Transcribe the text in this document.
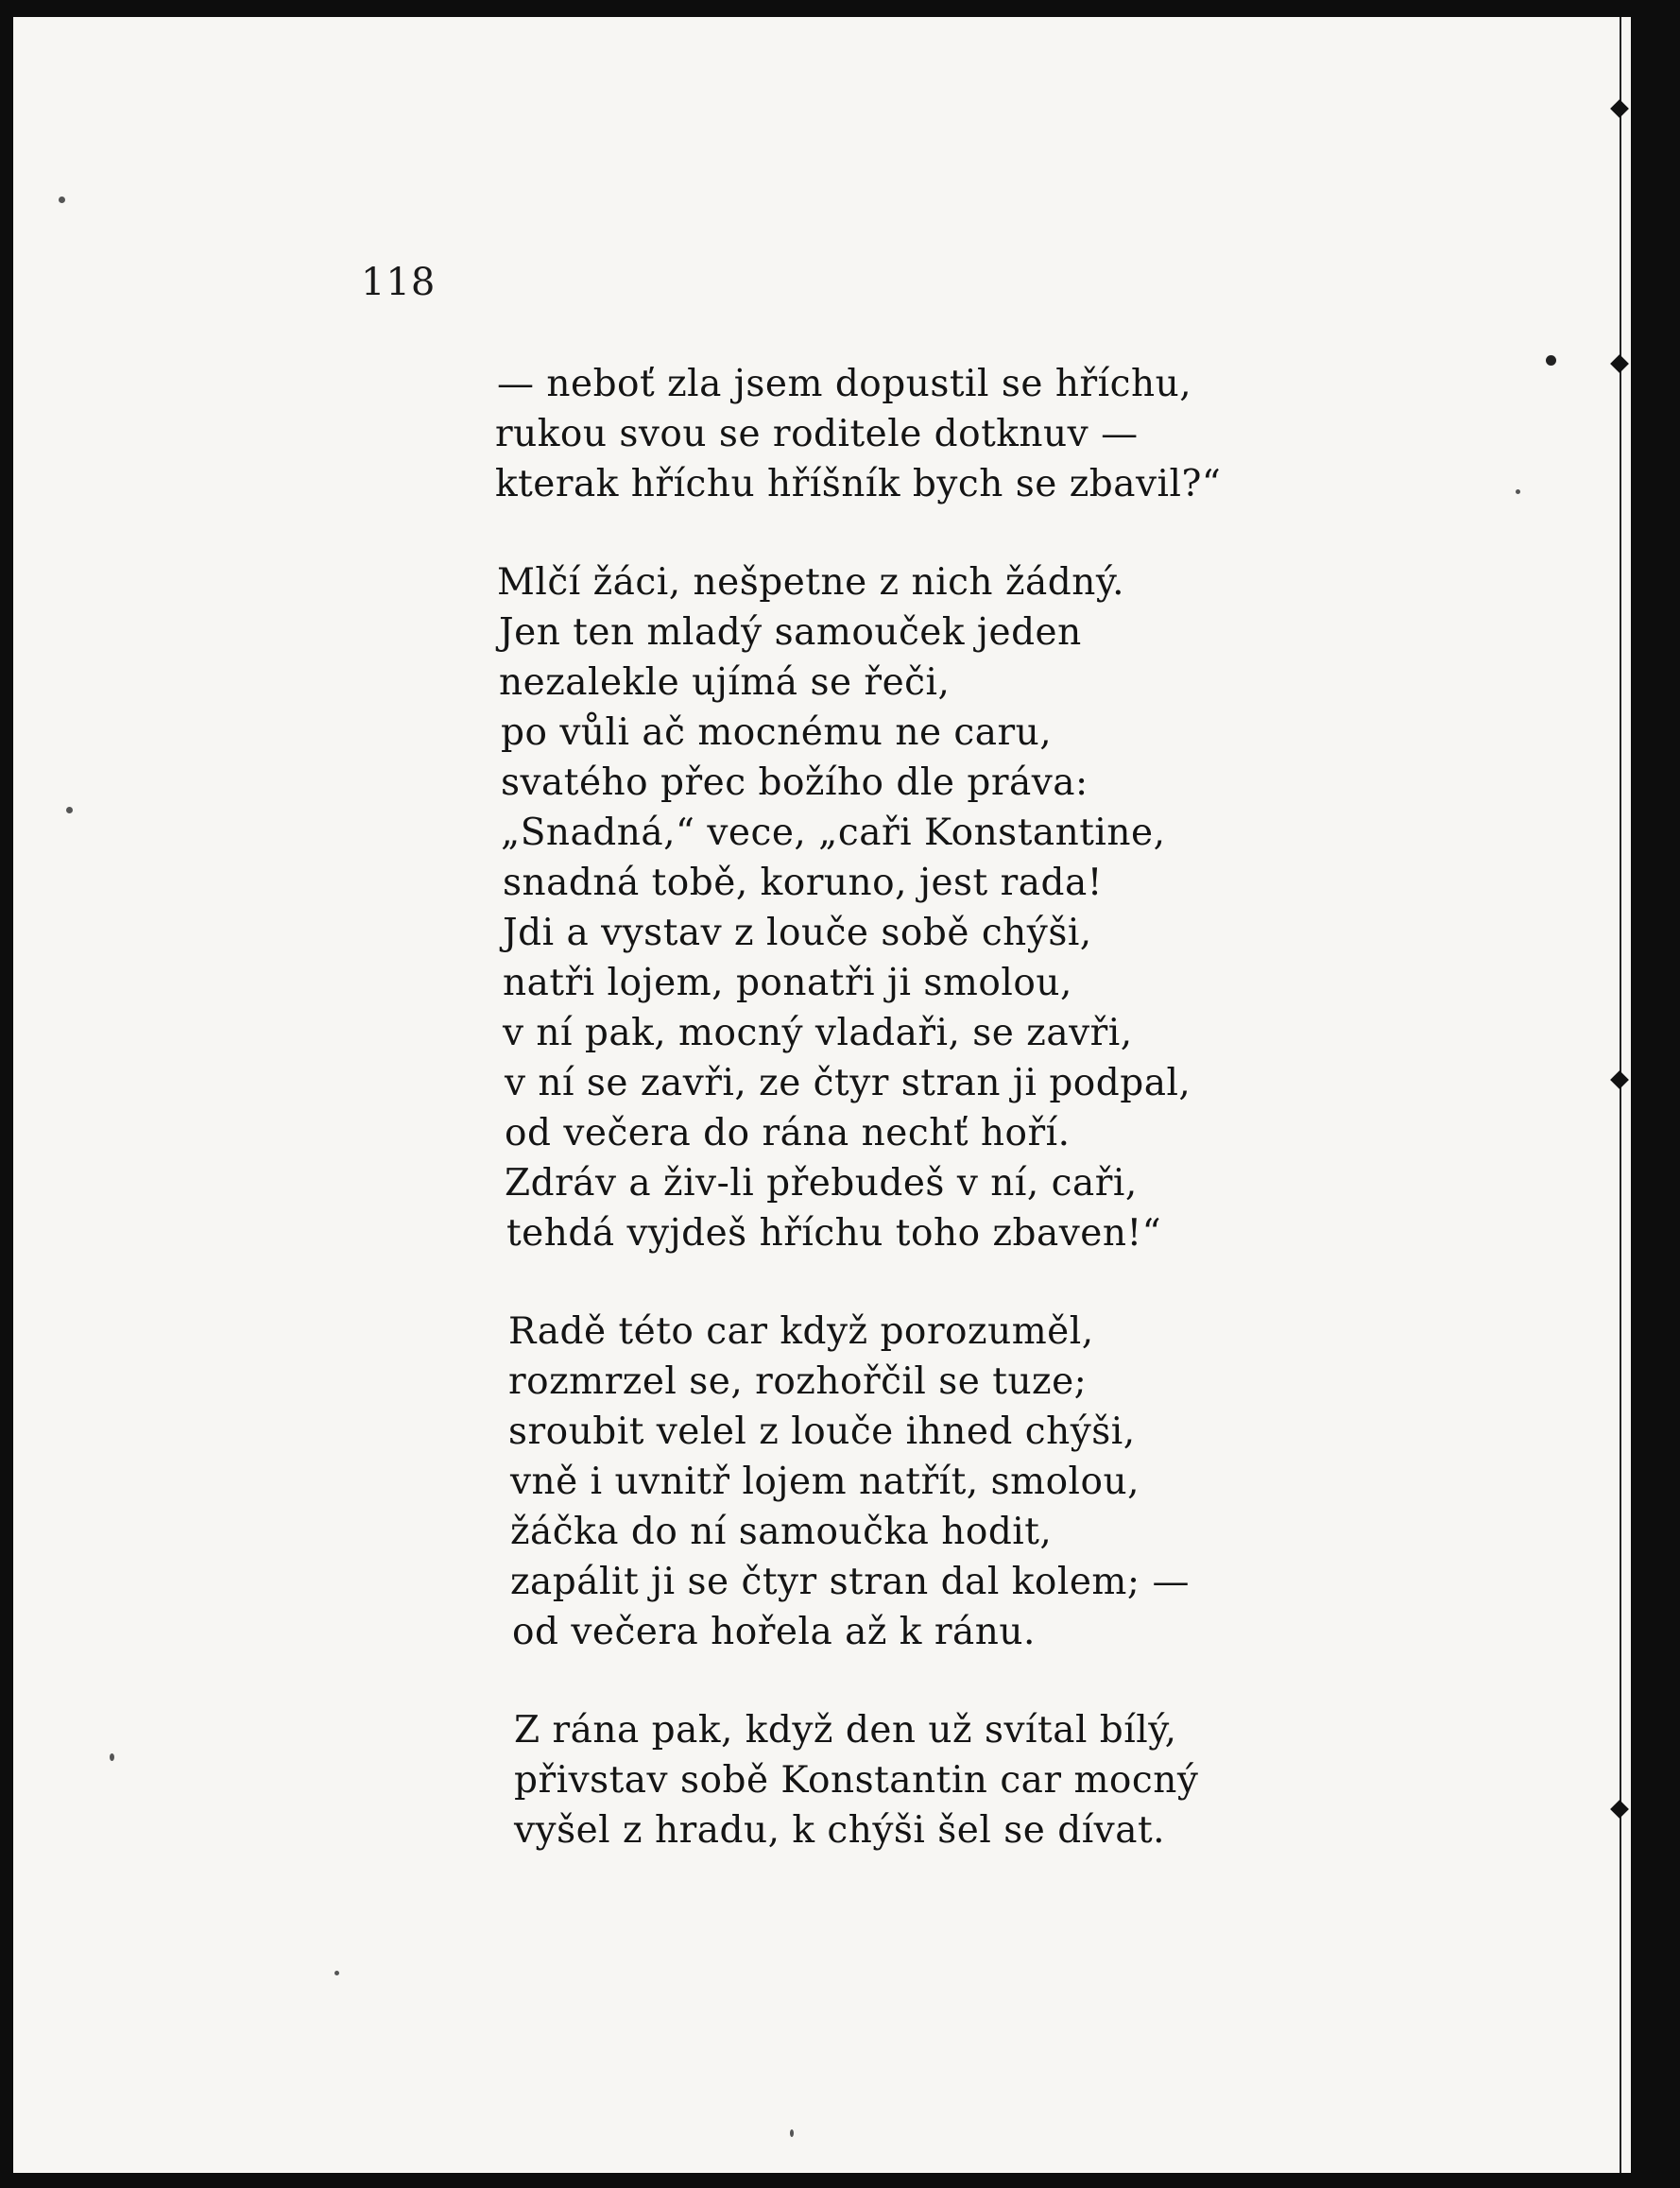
118
— neboť zla jsem dopustil se hříchu,
rukou svou se roditele dotknuv —
kterak hříchu hříšník bych se zbavil?“
Mlčí žáci, nešpetne z nich žádný.
Jen ten mladý samouček jeden
nezalekle ujímá se řeči,
po vůli ač mocnému ne caru,
svatého přec božího dle práva:
„Snadná,“ vece, „caři Konstantine,
snadná tobě, koruno, jest rada!
Jdi a vystav z louče sobě chýši,
natři lojem, ponatři ji smolou,
v ní pak, mocný vladaři, se zavři,
v ní se zavři, ze čtyr stran ji podpal,
od večera do rána nechť hoří.
Zdráv a živ-li přebudeš v ní, caři,
tehdá vyjdeš hříchu toho zbaven!“
Radě této car když porozuměl,
rozmrzel se, rozhořčil se tuze;
sroubit velel z louče ihned chýši,
vně i uvnitř lojem natřít, smolou,
žáčka do ní samoučka hodit,
zapálit ji se čtyr stran dal kolem; —
od večera hořela až k ránu.
Z rána pak, když den už svítal bílý,
přivstav sobě Konstantin car mocný
vyšel z hradu, k chýši šel se dívat.
